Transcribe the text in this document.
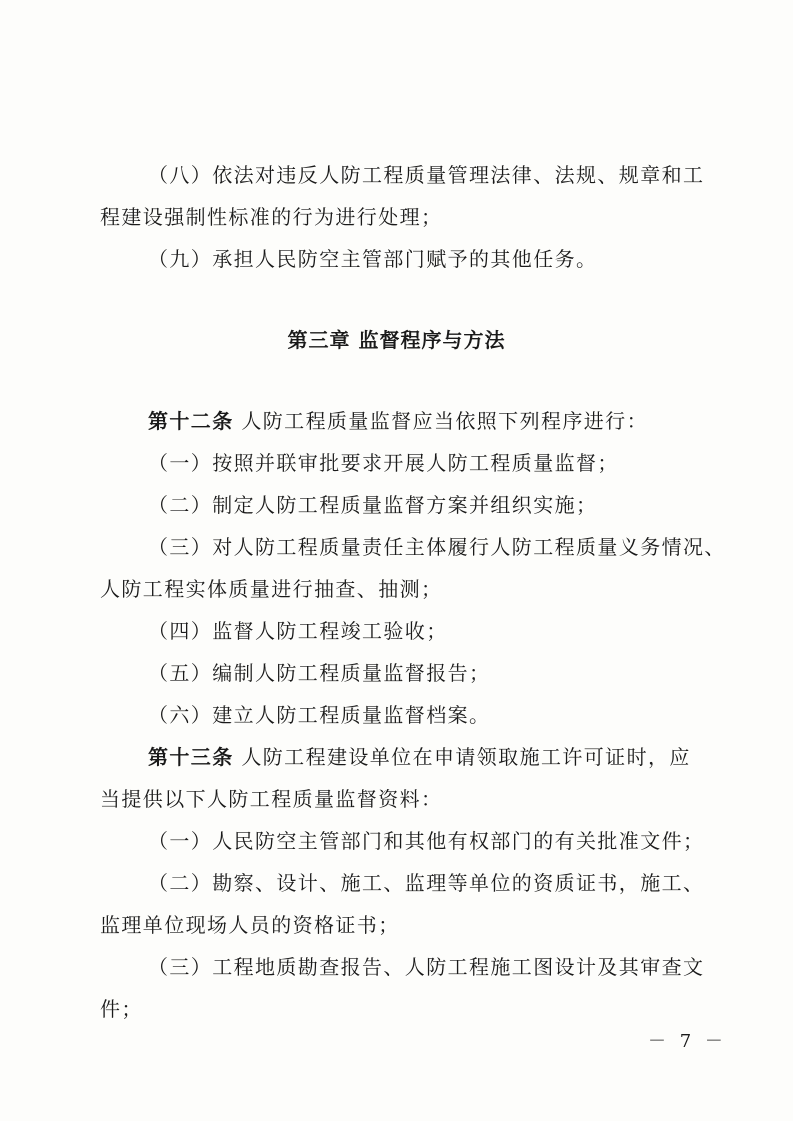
（八）依法对违反人防工程质量管理法律、法规、规章和工
程建设强制性标准的行为进行处理；
（九）承担人民防空主管部门赋予的其他任务。
第三章 监督程序与方法
第十二条 人防工程质量监督应当依照下列程序进行：
（一）按照并联审批要求开展人防工程质量监督；
（二）制定人防工程质量监督方案并组织实施；
（三）对人防工程质量责任主体履行人防工程质量义务情况、
人防工程实体质量进行抽查、抽测；
（四）监督人防工程竣工验收；
（五）编制人防工程质量监督报告；
（六）建立人防工程质量监督档案。
第十三条 人防工程建设单位在申请领取施工许可证时，应
当提供以下人防工程质量监督资料：
（一）人民防空主管部门和其他有权部门的有关批准文件；
（二）勘察、设计、施工、监理等单位的资质证书，施工、
监理单位现场人员的资格证书；
（三）工程地质勘查报告、人防工程施工图设计及其审查文
件；
－ 7 －
